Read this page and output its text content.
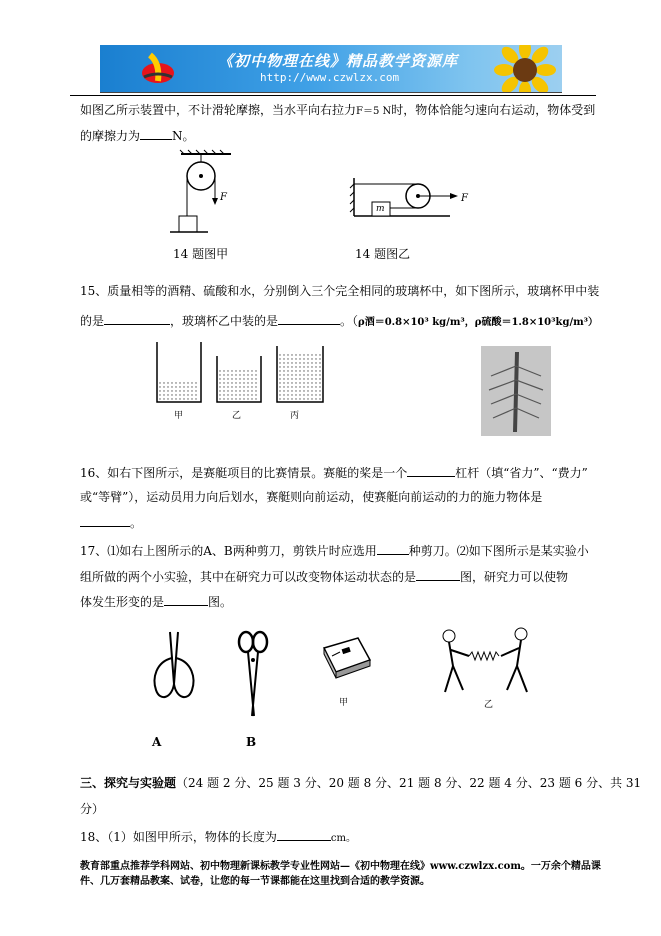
《初中物理在线》精品教学资源库
http://www.czwlzx.com
如图乙所示装置中，不计滑轮摩擦，当水平向右拉力F＝5 N时，物体恰能匀速向右运动，物体受到
的摩擦力为	N。
F
14 题图甲
m
F
14 题图乙
15、质量相等的酒精、硫酸和水，分别倒入三个完全相同的玻璃杯中，如下图所示，玻璃杯甲中装
的是	，玻璃杯乙中装的是	。（ρ酒＝0.8×10³ kg/m³，ρ硫酸＝1.8×10³kg/m³）
甲	乙	丙
16、如右下图所示，是赛艇项目的比赛情景。赛艇的桨是一个	杠杆（填“省力”、“费力”
或“等臂”），运动员用力向后划水，赛艇则向前运动，使赛艇向前运动的力的施力物体是
。
17、⑴如右上图所示的A、B两种剪刀，剪铁片时应选用	种剪刀。⑵如下图所示是某实验小
组所做的两个小实验，其中在研究力可以改变物体运动状态的是	图，研究力可以使物
体发生形变的是	图。
A	B
甲	乙
三、探究与实验题（24 题 2 分、25 题 3 分、20 题 8 分、21 题 8 分、22 题 4 分、23 题 6 分、共 31
分）
18、（1）如图甲所示，物体的长度为	cm。
教育部重点推荐学科网站、初中物理新课标教学专业性网站—《初中物理在线》www.czwlzx.com。一万余个精品课
件、几万套精品教案、试卷，让您的每一节课都能在这里找到合适的教学资源。
